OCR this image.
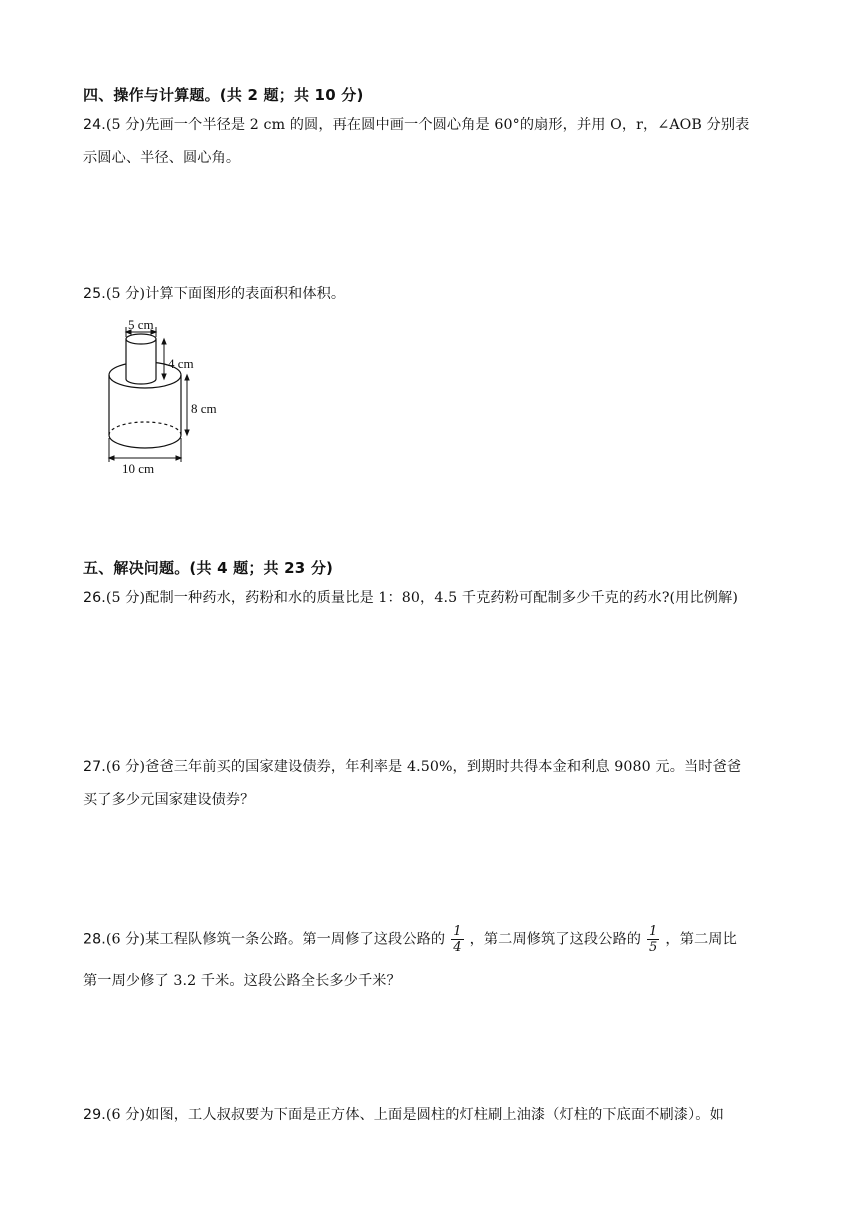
四、操作与计算题。(共 2 题；共 10 分)
24.(5 分)先画一个半径是 2 cm 的圆，再在圆中画一个圆心角是 60°的扇形，并用 O，r，∠AOB 分别表
示圆心、半径、圆心角。
25.(5 分)计算下面图形的表面积和体积。
5 cm
4 cm
8 cm
10 cm
五、解决问题。(共 4 题；共 23 分)
26.(5 分)配制一种药水，药粉和水的质量比是 1：80，4.5 千克药粉可配制多少千克的药水?(用比例解)
27.(6 分)爸爸三年前买的国家建设债券，年利率是 4.50%，到期时共得本金和利息 9080 元。当时爸爸
买了多少元国家建设债券？
28.(6 分)某工程队修筑一条公路。第一周修了这段公路的 $\frac{1}{4}$ ，第二周修筑了这段公路的 $\frac{1}{5}$ ，第二周比
第一周少修了 3.2 千米。这段公路全长多少千米？
29.(6 分)如图，工人叔叔要为下面是正方体、上面是圆柱的灯柱刷上油漆（灯柱的下底面不刷漆）。如
